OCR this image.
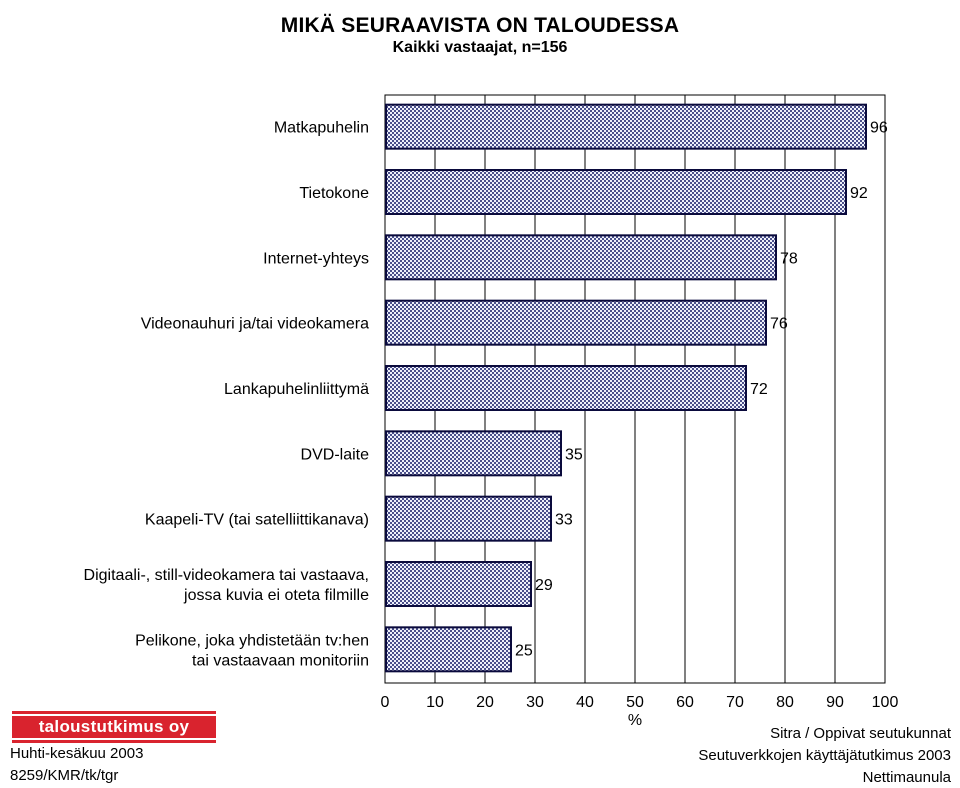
MIKÄ SEURAAVISTA ON TALOUDESSA
Kaikki vastaajat, n=156
Matkapuhelin
Tietokone
Internet-yhteys
Videonauhuri ja/tai videokamera
Lankapuhelinliittymä
DVD-laite
Kaapeli-TV (tai satelliittikanava)
Digitaali-, still-videokamera tai vastaava,
jossa kuvia ei oteta filmille
Pelikone, joka yhdistetään tv:hen
tai vastaavaan monitoriin
96
92
78
76
72
35
33
29
25
%
0 10 20 30 40 50 60 70 80 90 100
taloustutkimus oy
Huhti-kesäkuu 2003
8259/KMR/tk/tgr
Sitra / Oppivat seutukunnat
Seutuverkkojen käyttäjätutkimus 2003
Nettimaunula
